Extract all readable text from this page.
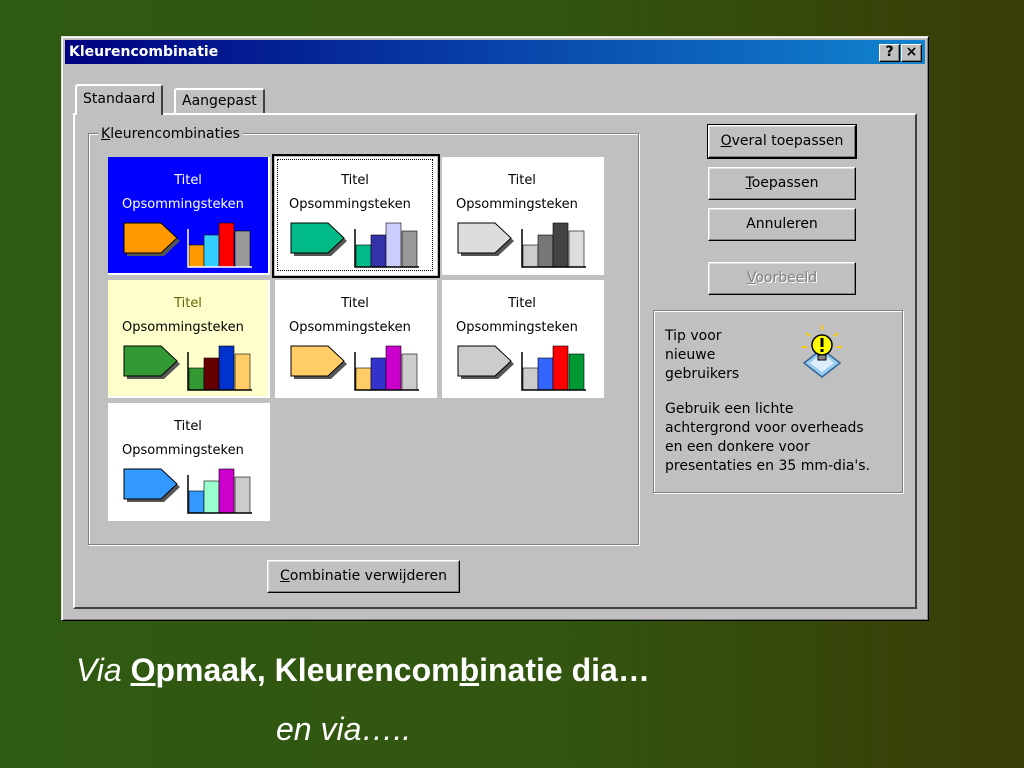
Kleurencombinatie	? ×
Standaard	Aangepast
Kleurencombinaties
Titel
Opsommingsteken
Titel
Opsommingsteken
Titel
Opsommingsteken
Titel
Opsommingsteken
Titel
Opsommingsteken
Titel
Opsommingsteken
Titel
Opsommingsteken
Overal toepassen
Toepassen
Annuleren
Voorbeeld
Tip voor
nieuwe
gebruikers
Gebruik een lichte
achtergrond voor overheads
en een donkere voor
presentaties en 35 mm-dia's.
Combinatie verwijderen
Via Opmaak, Kleurencombinatie dia…
en via…..
